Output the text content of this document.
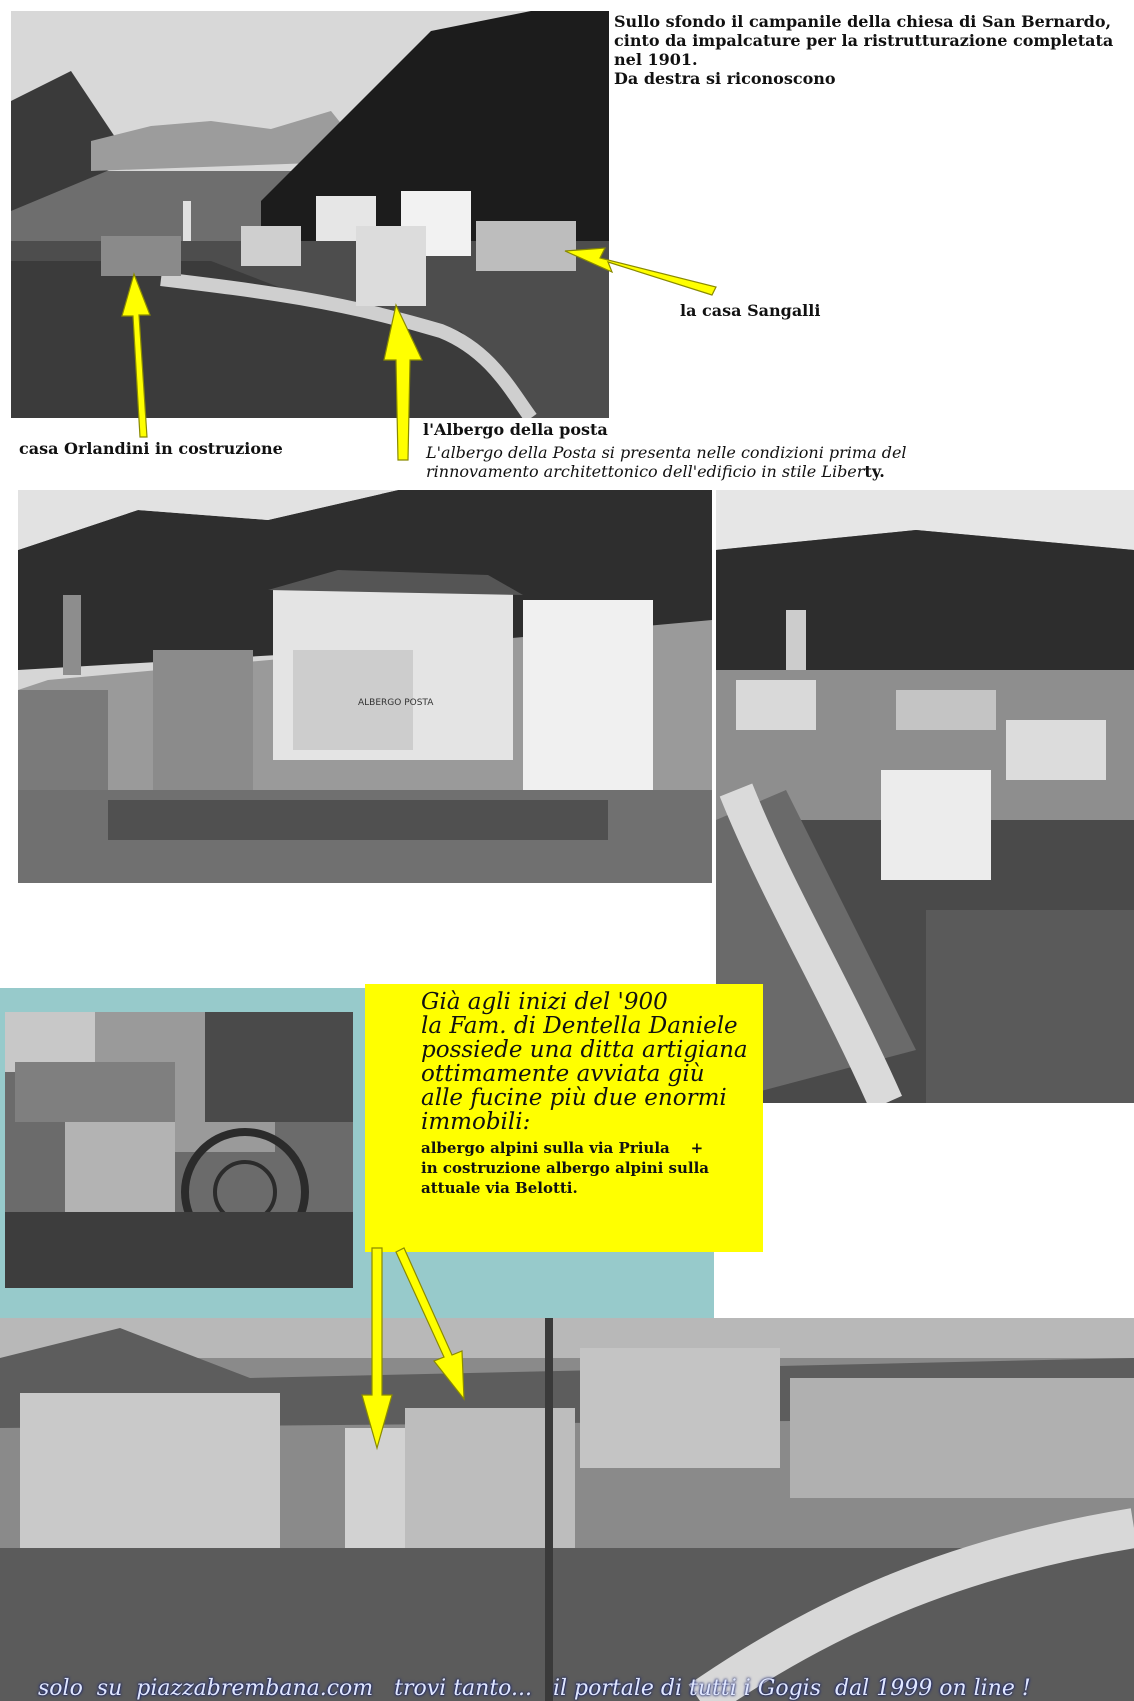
Sullo sfondo il campanile della chiesa di San Bernardo,
cinto da impalcature per la ristrutturazione completata
nel 1901.
Da destra si riconoscono
la casa Sangalli
casa Orlandini in costruzione
l'Albergo della posta
L'albergo della Posta si presenta nelle condizioni prima del
rinnovamento architettonico dell'edificio in stile Liberty.
ALBERGO POSTA
Già agli inizi del '900
la Fam. di Dentella Daniele
possiede una ditta artigiana
ottimamente avviata giù
alle fucine più due enormi
immobili:
albergo alpini sulla via Priula    +
in costruzione albergo alpini sulla
attuale via Belotti.
solo  su  piazzabrembana.com   trovi tanto...   il portale di tutti i Gogis  dal 1999 on line !
